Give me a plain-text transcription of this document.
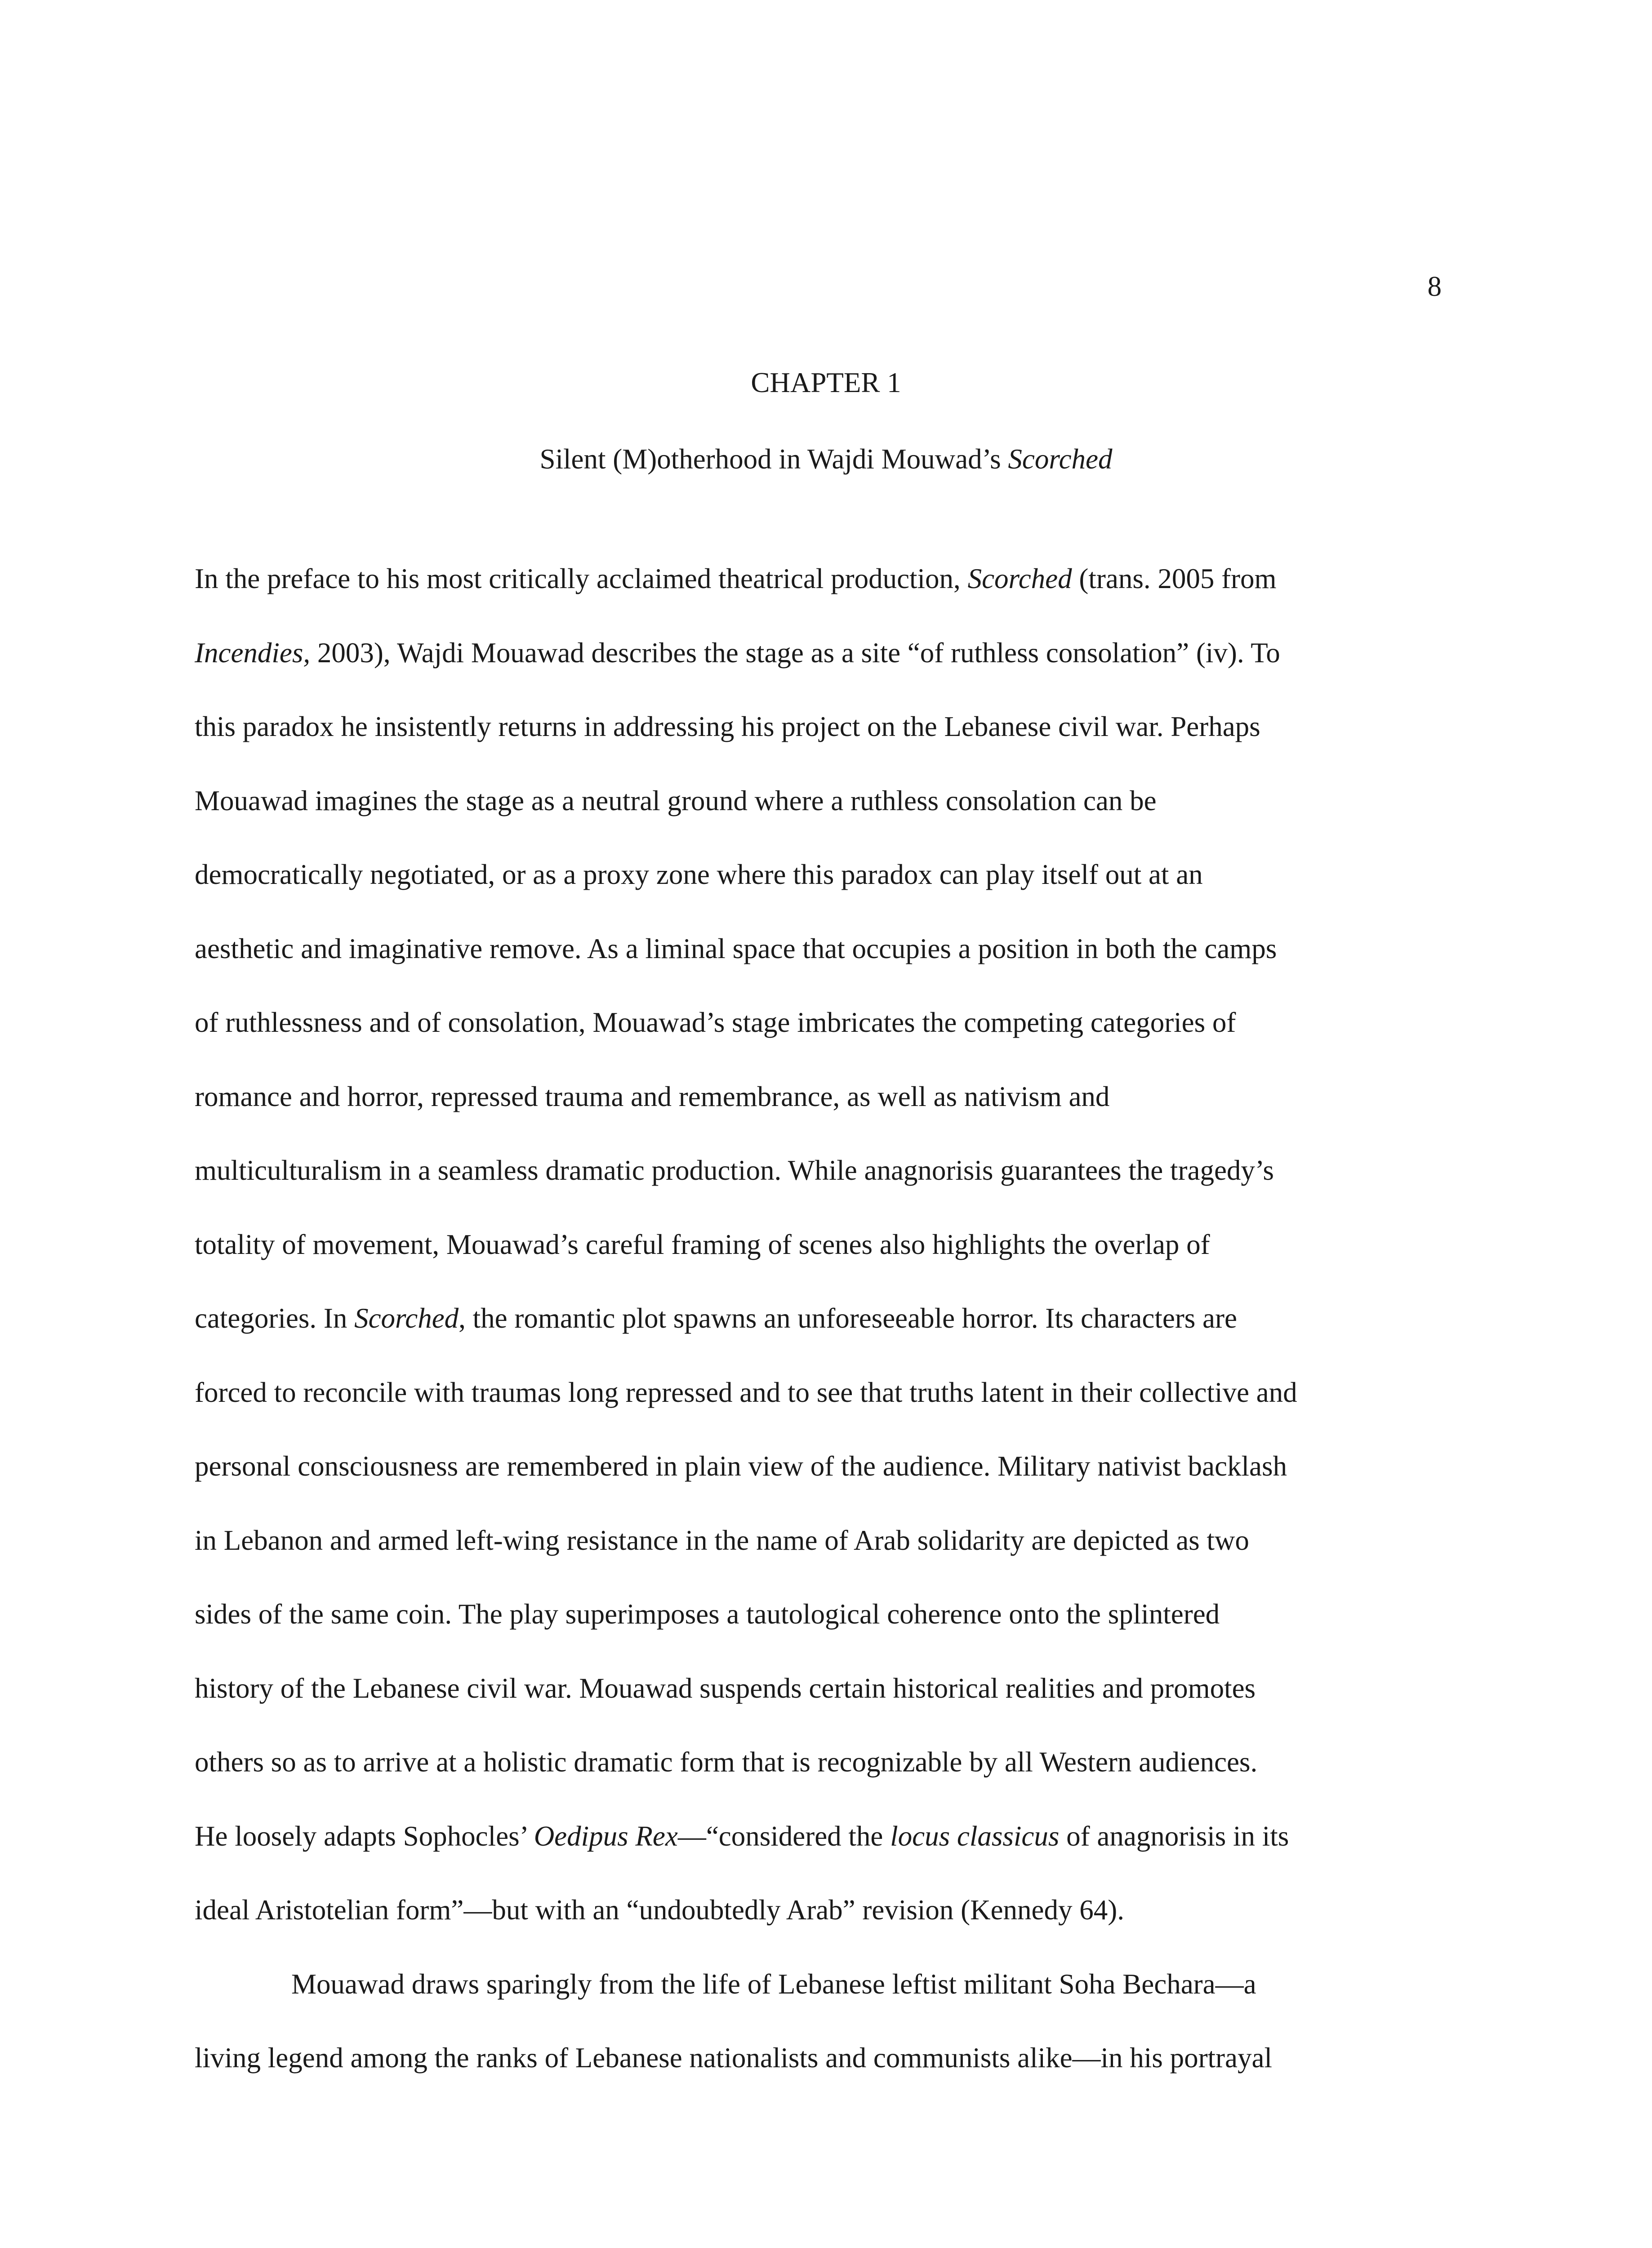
8
CHAPTER 1
Silent (M)otherhood in Wajdi Mouwad’s Scorched
In the preface to his most critically acclaimed theatrical production, Scorched (trans. 2005 from
Incendies, 2003), Wajdi Mouawad describes the stage as a site “of ruthless consolation” (iv). To
this paradox he insistently returns in addressing his project on the Lebanese civil war. Perhaps
Mouawad imagines the stage as a neutral ground where a ruthless consolation can be
democratically negotiated, or as a proxy zone where this paradox can play itself out at an
aesthetic and imaginative remove. As a liminal space that occupies a position in both the camps
of ruthlessness and of consolation, Mouawad’s stage imbricates the competing categories of
romance and horror, repressed trauma and remembrance, as well as nativism and
multiculturalism in a seamless dramatic production. While anagnorisis guarantees the tragedy’s
totality of movement, Mouawad’s careful framing of scenes also highlights the overlap of
categories. In Scorched, the romantic plot spawns an unforeseeable horror. Its characters are
forced to reconcile with traumas long repressed and to see that truths latent in their collective and
personal consciousness are remembered in plain view of the audience. Military nativist backlash
in Lebanon and armed left-wing resistance in the name of Arab solidarity are depicted as two
sides of the same coin. The play superimposes a tautological coherence onto the splintered
history of the Lebanese civil war. Mouawad suspends certain historical realities and promotes
others so as to arrive at a holistic dramatic form that is recognizable by all Western audiences.
He loosely adapts Sophocles’ Oedipus Rex—“considered the locus classicus of anagnorisis in its
ideal Aristotelian form”—but with an “undoubtedly Arab” revision (Kennedy 64).
Mouawad draws sparingly from the life of Lebanese leftist militant Soha Bechara—a
living legend among the ranks of Lebanese nationalists and communists alike—in his portrayal
